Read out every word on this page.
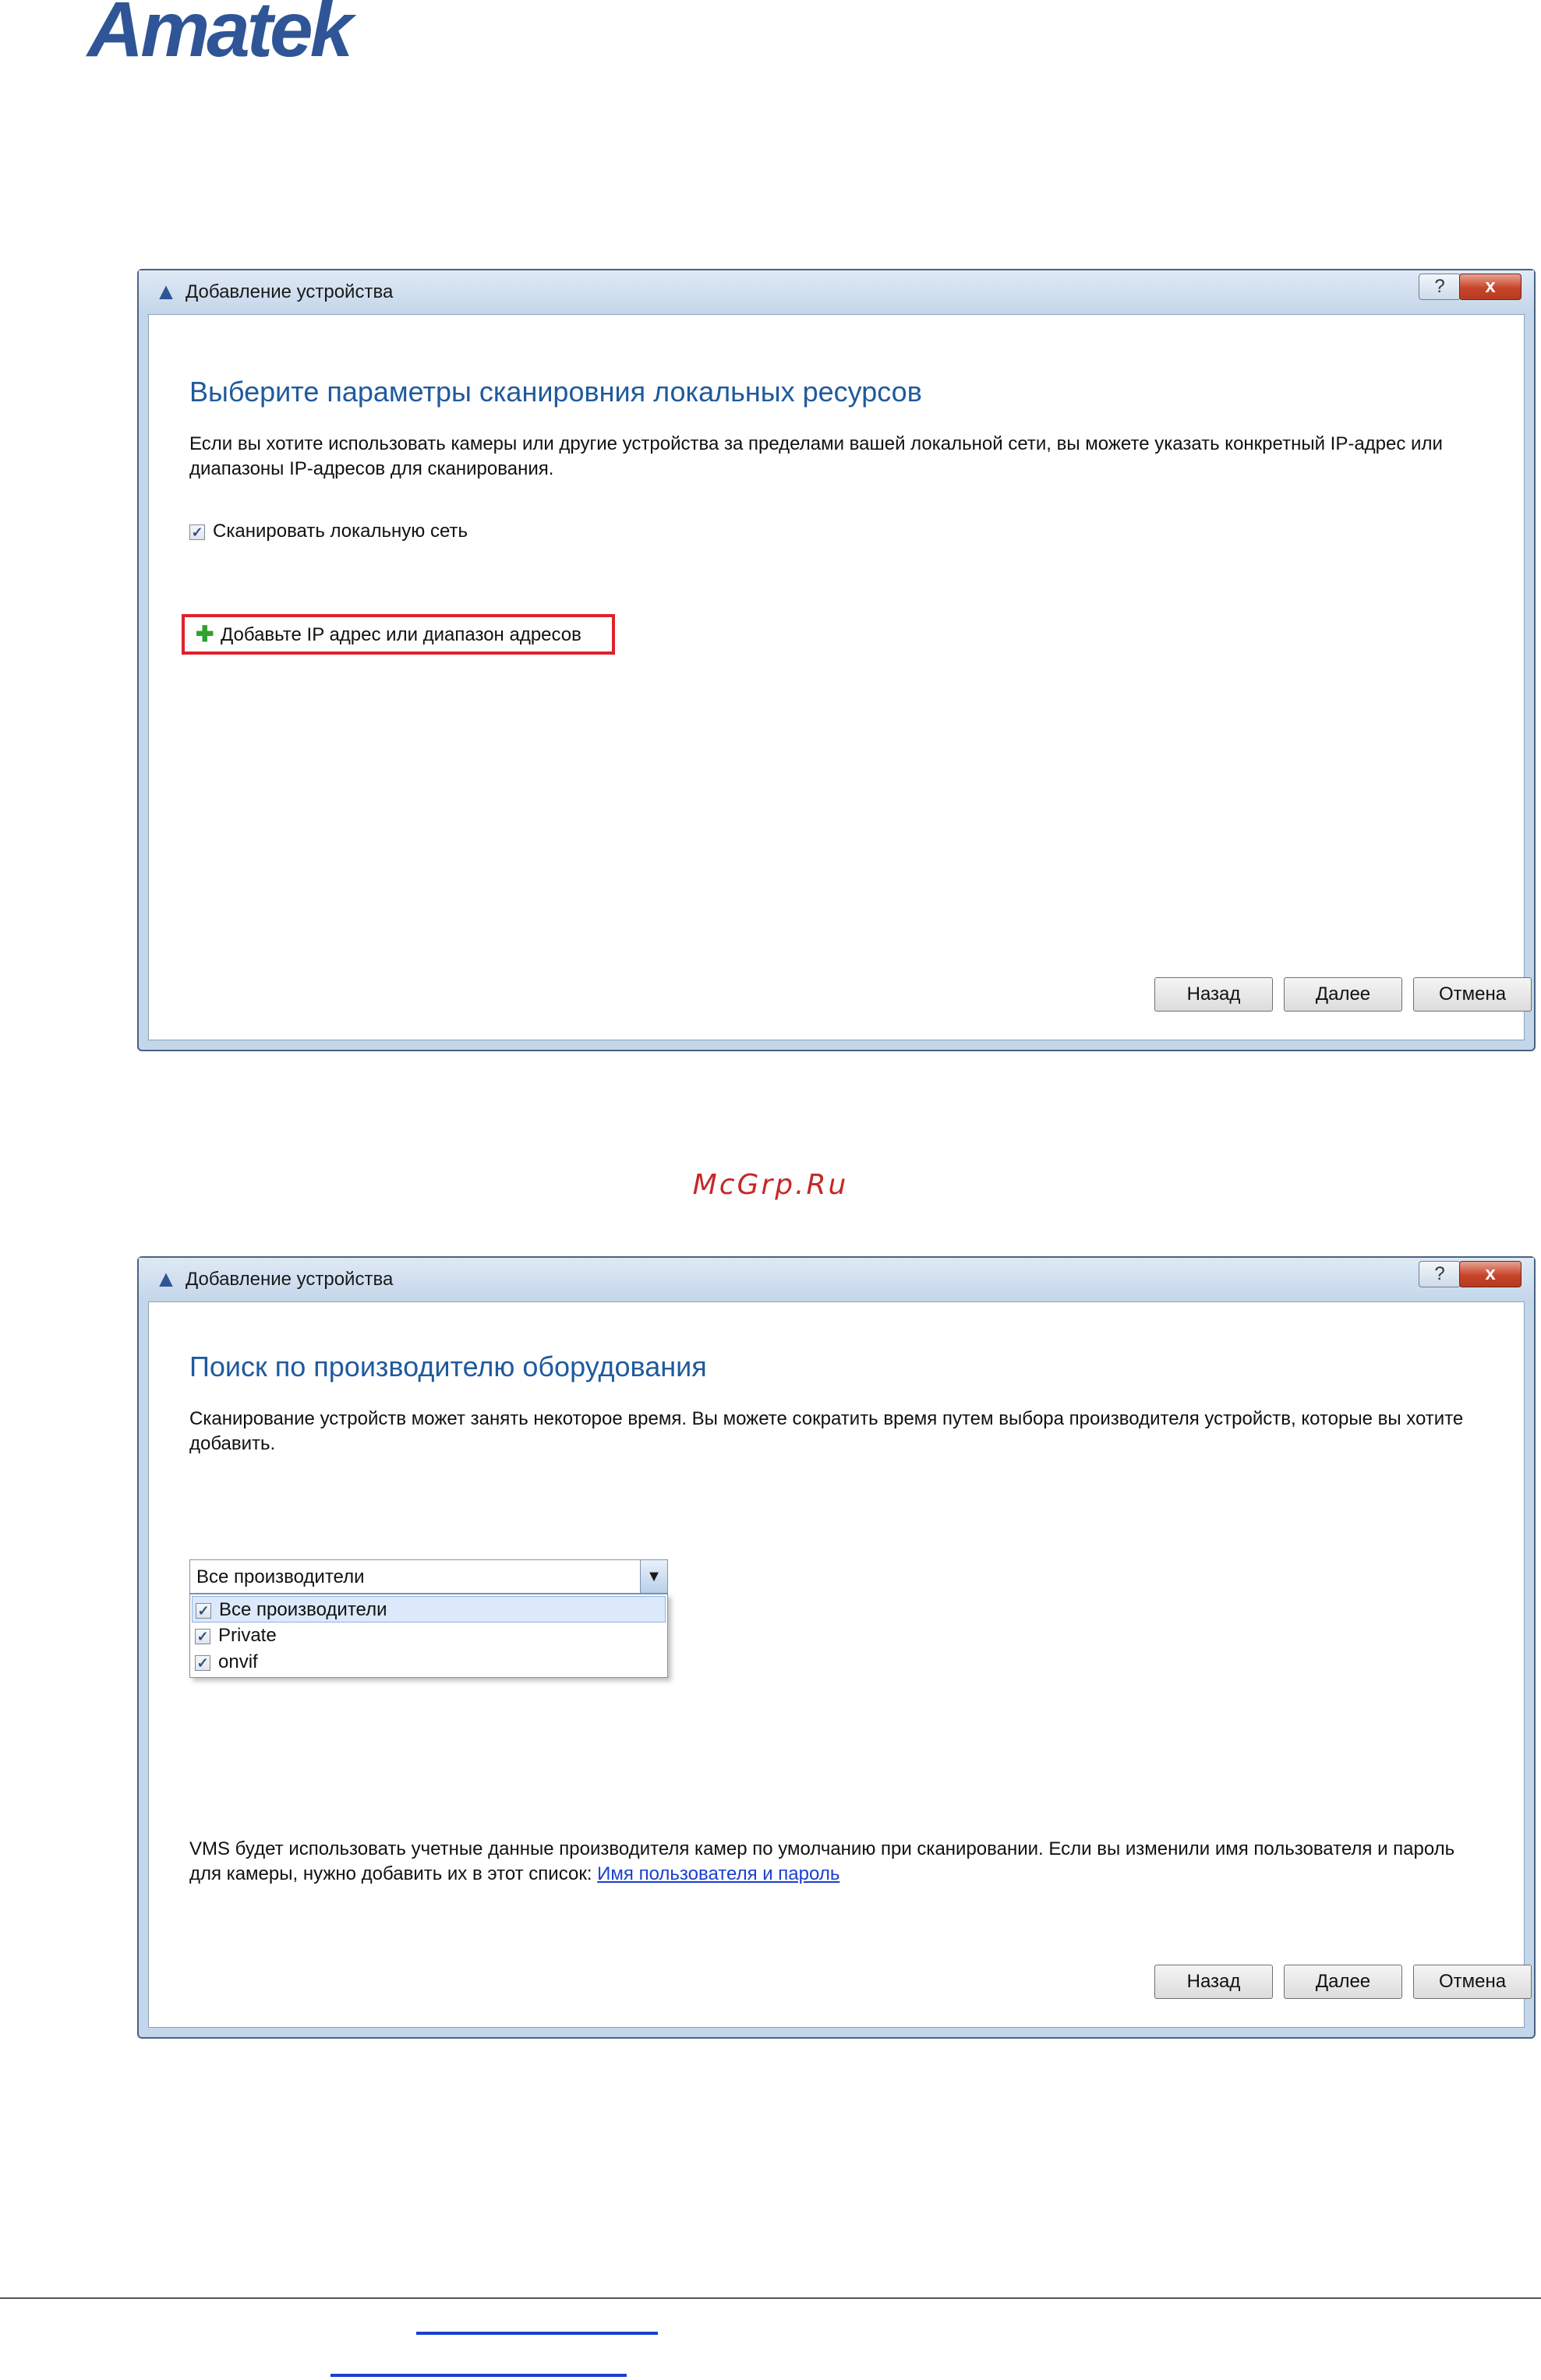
Amatek
▲ Добавление устройства	?	x
Выберите параметры сканировния локальных ресурсов
Если вы хотите использовать камеры или другие устройства за пределами вашей локальной сети, вы можете указать конкретный IP-адрес или диапазоны IP-адресов для сканирования.
✓ Сканировать локальную сеть
✚ Добавьте IP адрес или диапазон адресов
Назад	Далее	Отмена
McGrp.Ru
▲ Добавление устройства	?	x
Поиск по производителю оборудования
Сканирование устройств может занять некоторое время. Вы можете сократить время путем выбора производителя устройств, которые вы хотите добавить.
Все производители	▼
✓ Все производители
✓ Private
✓ onvif
VMS будет использовать учетные данные производителя камер по умолчанию при сканировании. Если вы изменили имя пользователя и пароль для камеры, нужно добавить их в этот список: Имя пользователя и пароль
Назад	Далее	Отмена
